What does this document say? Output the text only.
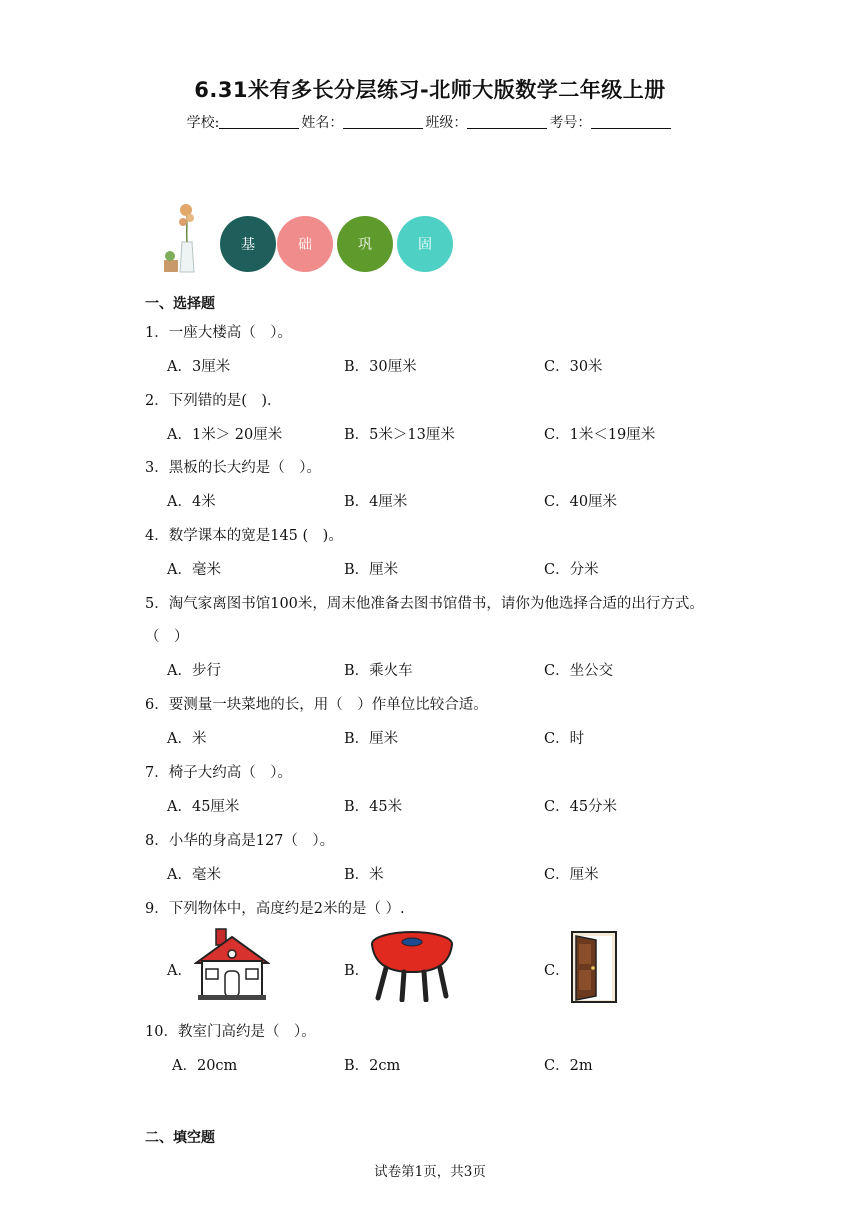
6.31米有多长分层练习-北师大版数学二年级上册
学校:	姓名：	班级：	考号：
基	础	巩	固
一、选择题
1．一座大楼高（　）。
A．3厘米	B．30厘米	C．30米
2．下列错的是(　)．
A．1米＞ 20厘米	B．5米＞13厘米	C．1米＜19厘米
3．黑板的长大约是（　）。
A．4米	B．4厘米	C．40厘米
4．数学课本的宽是145 (　)。
A．毫米	B．厘米	C．分米
5．淘气家离图书馆100米，周末他准备去图书馆借书，请你为他选择合适的出行方式。
（　）
A．步行	B．乘火车	C．坐公交
6．要测量一块菜地的长，用（　）作单位比较合适。
A．米	B．厘米	C．时
7．椅子大约高（　）。
A．45厘米	B．45米	C．45分米
8．小华的身高是127（　）。
A．毫米	B．米	C．厘米
9．下列物体中，高度约是2米的是（ ）.
A．	B．	C．
10．教室门高约是（　）。
A．20cm	B．2cm	C．2m
二、填空题
试卷第1页，共3页
